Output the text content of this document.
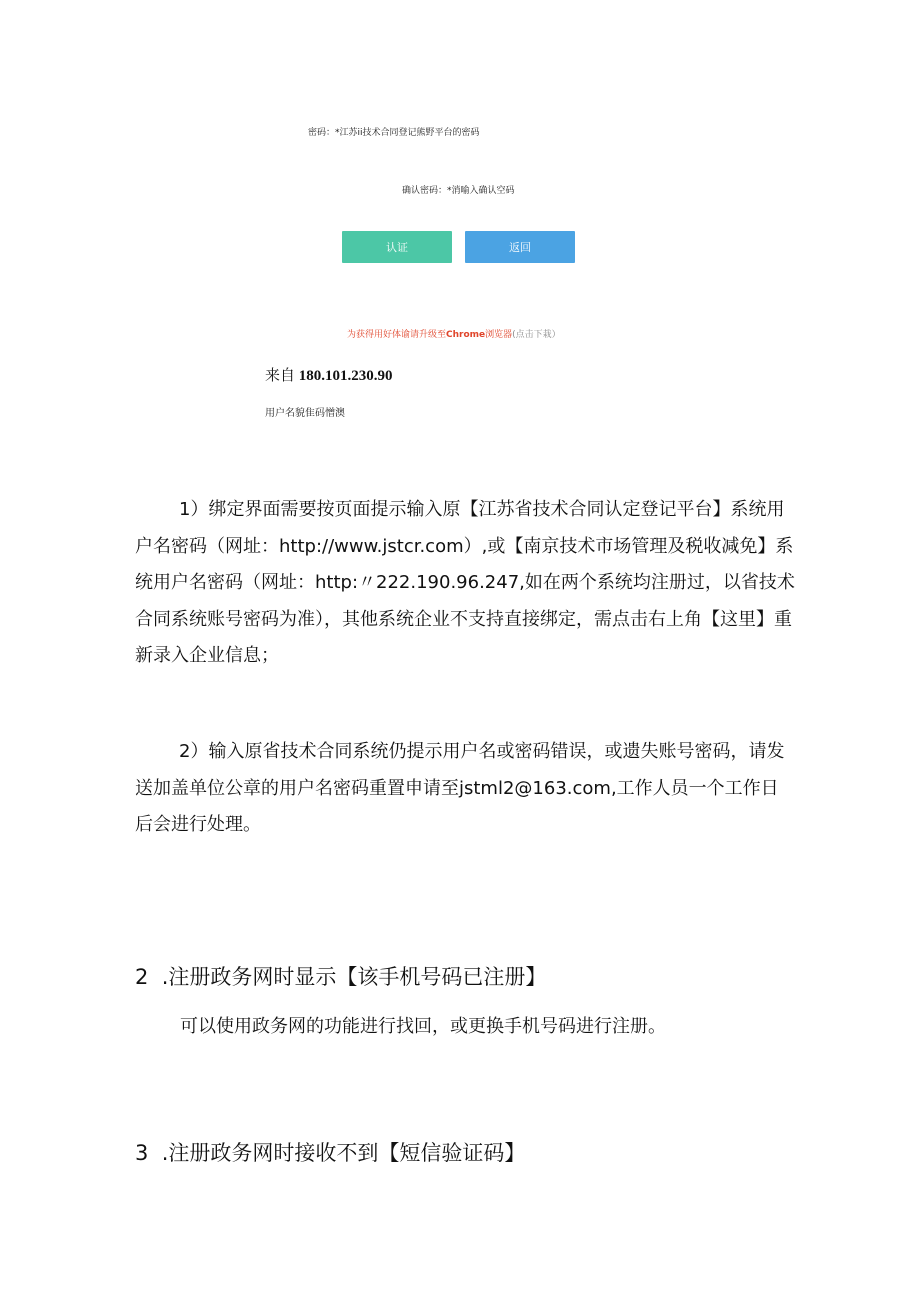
密码：*江苏ii技术合同登记熊野平台的密码
确认密码：*消喻入确认空码
认证	返回
为获得用好体谕请升级至Chrome浏览器(点击下栽）
来自 180.101.230.90
用户名貌隹码憎澳
1）绑定界面需要按页面提示输入原【江苏省技术合同认定登记平台】系统用户名密码（网址：http://www.jstcr.com）,或【南京技术市场管理及税收减免】系统用户名密码（网址：http:〃222.190.96.247,如在两个系统均注册过，以省技术合同系统账号密码为准），其他系统企业不支持直接绑定，需点击右上角【这里】重新录入企业信息；
2）输入原省技术合同系统仍提示用户名或密码错误，或遗失账号密码，请发送加盖单位公章的用户名密码重置申请至jstml2@163.com,工作人员一个工作日后会进行处理。
2  .注册政务网时显示【该手机号码已注册】
可以使用政务网的功能进行找回，或更换手机号码进行注册。
3  .注册政务网时接收不到【短信验证码】
